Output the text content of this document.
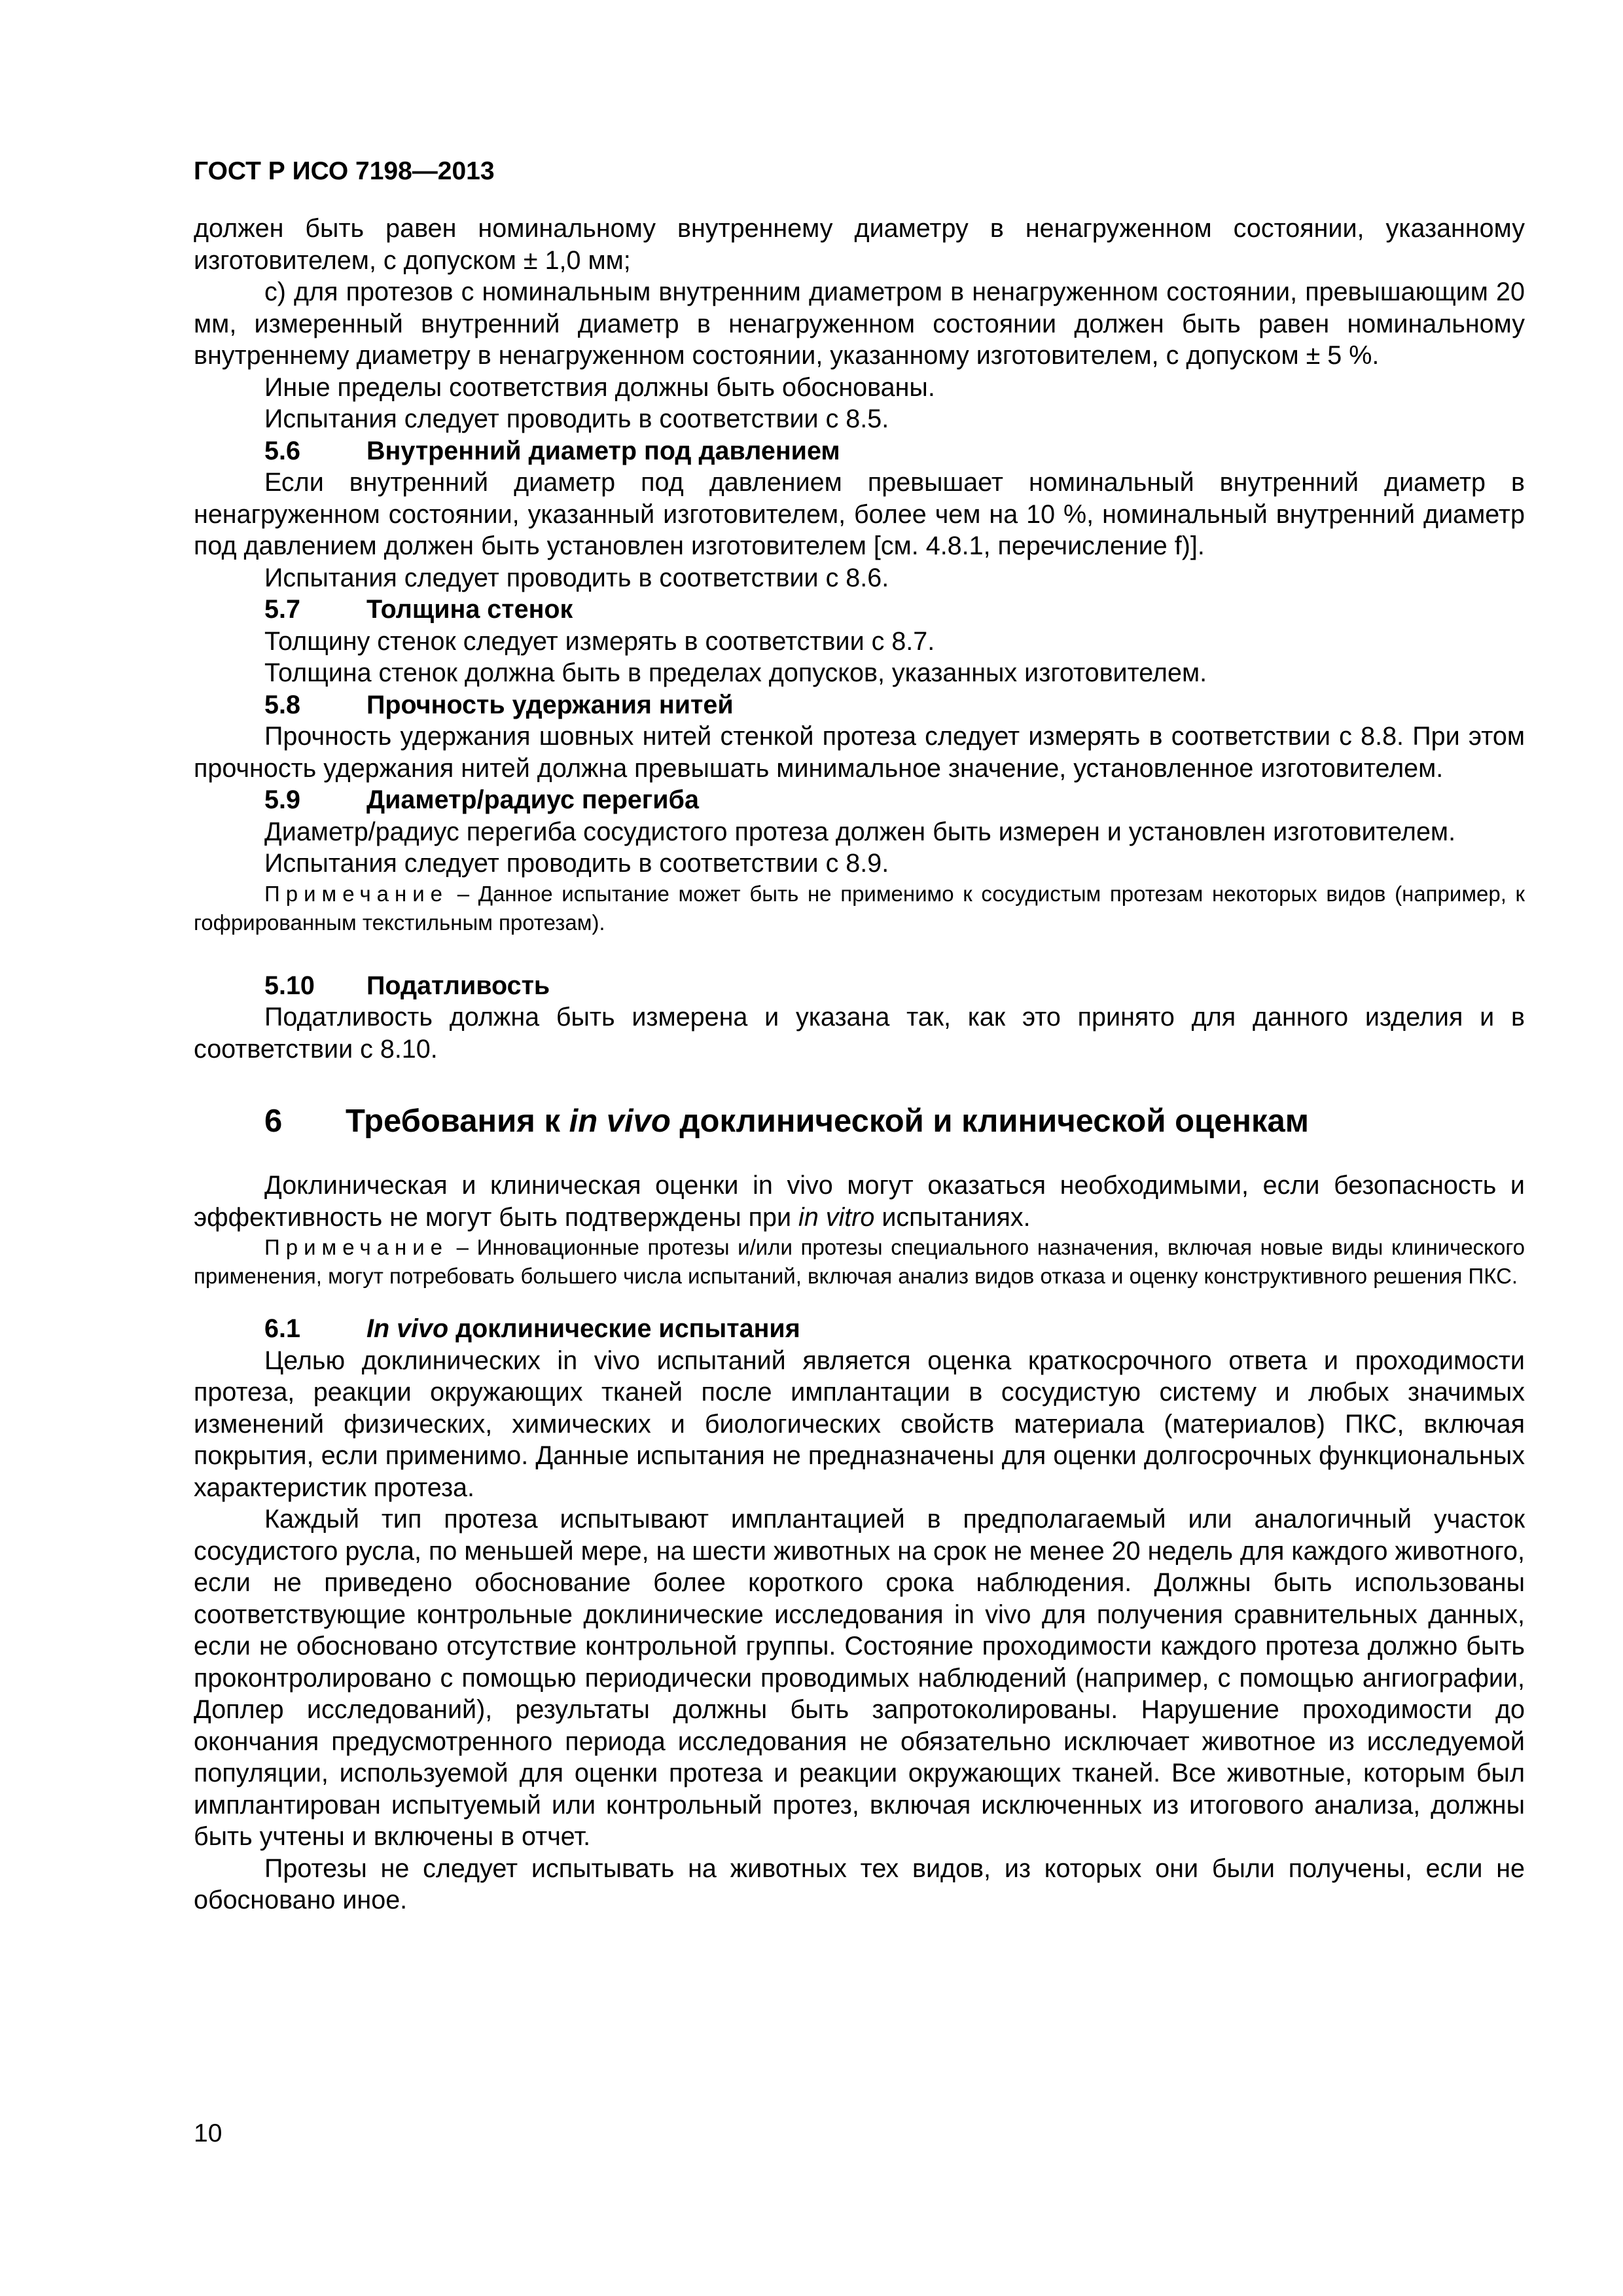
ГОСТ Р ИСО 7198—2013

должен быть равен номинальному внутреннему диаметру в ненагруженном состоянии, указанному изготовителем, с допуском ± 1,0 мм;

c) для протезов с номинальным внутренним диаметром в ненагруженном состоянии, превышающим 20 мм, измеренный внутренний диаметр в ненагруженном состоянии должен быть равен номинальному внутреннему диаметру в ненагруженном состоянии, указанному изготовителем, с допуском ± 5 %.

Иные пределы соответствия должны быть обоснованы.

Испытания следует проводить в соответствии с 8.5.

5.6	Внутренний диаметр под давлением

Если внутренний диаметр под давлением превышает номинальный внутренний диаметр в ненагруженном состоянии, указанный изготовителем, более чем на 10 %, номинальный внутренний диаметр под давлением должен быть установлен изготовителем [см. 4.8.1, перечисление f)].

Испытания следует проводить в соответствии с 8.6.

5.7	Толщина стенок

Толщину стенок следует измерять в соответствии с 8.7.

Толщина стенок должна быть в пределах допусков, указанных изготовителем.

5.8	Прочность удержания нитей

Прочность удержания шовных нитей стенкой протеза следует измерять в соответствии с 8.8. При этом прочность удержания нитей должна превышать минимальное значение, установленное изготовителем.

5.9	Диаметр/радиус перегиба

Диаметр/радиус перегиба сосудистого протеза должен быть измерен и установлен изготовителем.

Испытания следует проводить в соответствии с 8.9.

Примечание – Данное испытание может быть не применимо к сосудистым протезам некоторых видов (например, к гофрированным текстильным протезам).

5.10 Податливость

Податливость должна быть измерена и указана так, как это принято для данного изделия и в соответствии с 8.10.

6 Требования к in vivo доклинической и клинической оценкам

Доклиническая и клиническая оценки in vivo могут оказаться необходимыми, если безопасность и эффективность не могут быть подтверждены при in vitro испытаниях.

Примечание – Инновационные протезы и/или протезы специального назначения, включая новые виды клинического применения, могут потребовать большего числа испытаний, включая анализ видов отказа и оценку конструктивного решения ПКС.

6.1	In vivo доклинические испытания

Целью доклинических in vivo испытаний является оценка краткосрочного ответа и проходимости протеза, реакции окружающих тканей после имплантации в сосудистую систему и любых значимых изменений физических, химических и биологических свойств материала (материалов) ПКС, включая покрытия, если применимо. Данные испытания не предназначены для оценки долгосрочных функциональных характеристик протеза.

Каждый тип протеза испытывают имплантацией в предполагаемый или аналогичный участок сосудистого русла, по меньшей мере, на шести животных на срок не менее 20 недель для каждого животного, если не приведено обоснование более короткого срока наблюдения. Должны быть использованы соответствующие контрольные доклинические исследования in vivo для получения сравнительных данных, если не обосновано отсутствие контрольной группы. Состояние проходимости каждого протеза должно быть проконтролировано с помощью периодически проводимых наблюдений (например, с помощью ангиографии, Доплер исследований), результаты должны быть запротоколированы. Нарушение проходимости до окончания предусмотренного периода исследования не обязательно исключает животное из исследуемой популяции, используемой для оценки протеза и реакции окружающих тканей. Все животные, которым был имплантирован испытуемый или контрольный протез, включая исключенных из итогового анализа, должны быть учтены и включены в отчет.

Протезы не следует испытывать на животных тех видов, из которых они были получены, если не обосновано иное.

10
